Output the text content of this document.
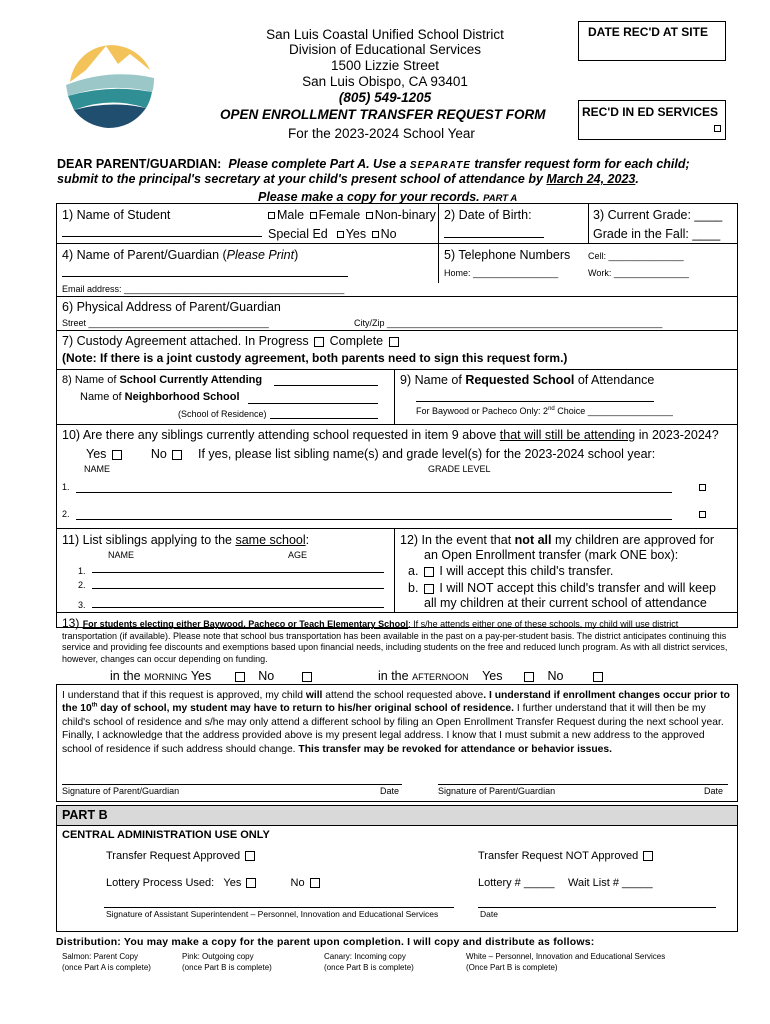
San Luis Coastal Unified School District
Division of Educational Services
1500 Lizzie Street
San Luis Obispo, CA 93401
(805) 549-1205
OPEN ENROLLMENT TRANSFER REQUEST FORM
For the 2023-2024 School Year
DATE REC'D AT SITE
REC'D IN ED SERVICES
DEAR PARENT/GUARDIAN: Please complete Part A. Use a SEPARATE transfer request form for each child;
submit to the principal's secretary at your child's present school of attendance by March 24, 2023.
Please make a copy for your records. PART A
1) Name of Student	Male Female Non-binary
Special Ed Yes No
2) Date of Birth:	3) Current Grade: ____
Grade in the Fall: ____
4) Name of Parent/Guardian (Please Print)	5) Telephone Numbers Cell: _______________
Home: _________________	Work: _______________
Email address: ____________________________________________
6) Physical Address of Parent/Guardian
Street ____________________________________	City/Zip _______________________________________________________
7) Custody Agreement attached. In Progress Complete
(Note: If there is a joint custody agreement, both parents need to sign this request form.)
8) Name of School Currently Attending
Name of Neighborhood School
(School of Residence)
9) Name of Requested School of Attendance
For Baywood or Pacheco Only: 2nd Choice _________________
10) Are there any siblings currently attending school requested in item 9 above that will still be attending in 2023-2024?
Yes	No	If yes, please list sibling name(s) and grade level(s) for the 2023-2024 school year:
NAME	GRADE LEVEL
1.
2.
11) List siblings applying to the same school:
NAME	AGE
1.
2.
3.
12) In the event that not all my children are approved for
an Open Enrollment transfer (mark ONE box):
a. I will accept this child's transfer.
b. I will NOT accept this child's transfer and will keep
all my children at their current school of attendance
13) For students electing either Baywood, Pacheco or Teach Elementary School: If s/he attends either one of these schools, my child will use district transportation (if available). Please note that school bus transportation has been available in the past on a pay-per-student basis. The district anticipates continuing this service and providing fee discounts and exemptions based upon financial needs, including students on the free and reduced lunch program. As with all district services, however, changes can occur depending on funding.
in the MORNING Yes	No	in the AFTERNOON Yes	No
I understand that if this request is approved, my child will attend the school requested above. I understand if enrollment changes occur prior to the 10th day of school, my student may have to return to his/her original school of residence. I further understand that it will then be my child's school of residence and s/he may only attend a different school by filing an Open Enrollment Transfer Request during the next school year. Finally, I acknowledge that the address provided above is my present legal address. I know that I must submit a new address to the approved school of residence if such address should change. This transfer may be revoked for attendance or behavior issues.
Signature of Parent/Guardian	Date	Signature of Parent/Guardian	Date
PART B
CENTRAL ADMINISTRATION USE ONLY
Transfer Request Approved	Transfer Request NOT Approved
Lottery Process Used: Yes	No	Lottery # _____ Wait List # _____
Signature of Assistant Superintendent – Personnel, Innovation and Educational Services	Date
Distribution: You may make a copy for the parent upon completion. I will copy and distribute as follows:
Salmon: Parent Copy
(once Part A is complete)
Pink: Outgoing copy
(once Part B is complete)
Canary: Incoming copy
(once Part B is complete)
White – Personnel, Innovation and Educational Services
(Once Part B is complete)
